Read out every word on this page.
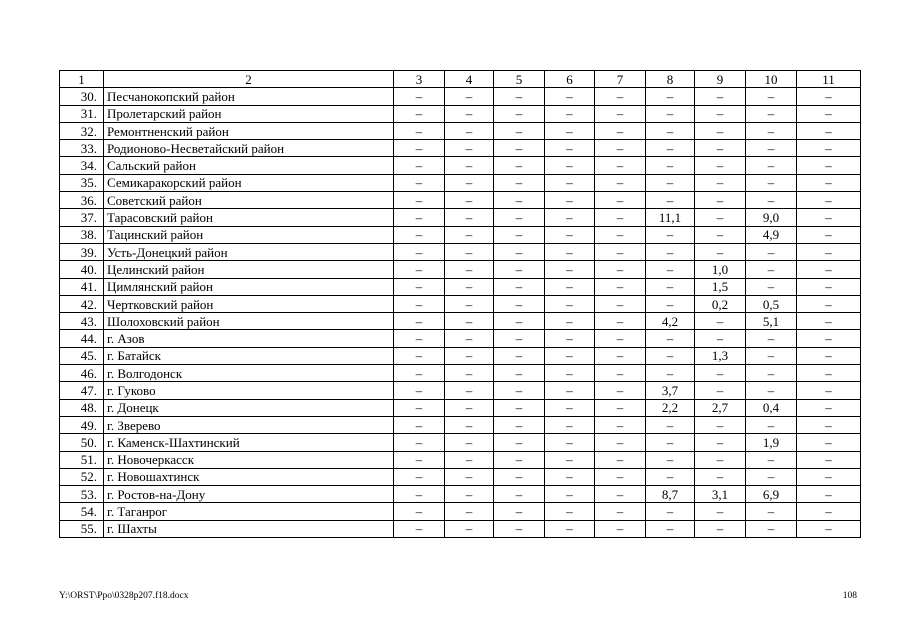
1	2	3	4	5	6	7	8	9	10	11
30.	Песчанокопский район	–	–	–	–	–	–	–	–	–
31.	Пролетарский район	–	–	–	–	–	–	–	–	–
32.	Ремонтненский район	–	–	–	–	–	–	–	–	–
33.	Родионово-Несветайский район	–	–	–	–	–	–	–	–	–
34.	Сальский район	–	–	–	–	–	–	–	–	–
35.	Семикаракорский район	–	–	–	–	–	–	–	–	–
36.	Советский район	–	–	–	–	–	–	–	–	–
37.	Тарасовский район	–	–	–	–	–	11,1	–	9,0	–
38.	Тацинский район	–	–	–	–	–	–	–	4,9	–
39.	Усть-Донецкий район	–	–	–	–	–	–	–	–	–
40.	Целинский район	–	–	–	–	–	–	1,0	–	–
41.	Цимлянский район	–	–	–	–	–	–	1,5	–	–
42.	Чертковский район	–	–	–	–	–	–	0,2	0,5	–
43.	Шолоховский район	–	–	–	–	–	4,2	–	5,1	–
44.	г. Азов	–	–	–	–	–	–	–	–	–
45.	г. Батайск	–	–	–	–	–	–	1,3	–	–
46.	г. Волгодонск	–	–	–	–	–	–	–	–	–
47.	г. Гуково	–	–	–	–	–	3,7	–	–	–
48.	г. Донецк	–	–	–	–	–	2,2	2,7	0,4	–
49.	г. Зверево	–	–	–	–	–	–	–	–	–
50.	г. Каменск-Шахтинский	–	–	–	–	–	–	–	1,9	–
51.	г. Новочеркасск	–	–	–	–	–	–	–	–	–
52.	г. Новошахтинск	–	–	–	–	–	–	–	–	–
53.	г. Ростов-на-Дону	–	–	–	–	–	8,7	3,1	6,9	–
54.	г. Таганрог	–	–	–	–	–	–	–	–	–
55.	г. Шахты	–	–	–	–	–	–	–	–	–
Y:\ORST\Ppo\0328p207.f18.docx	108
